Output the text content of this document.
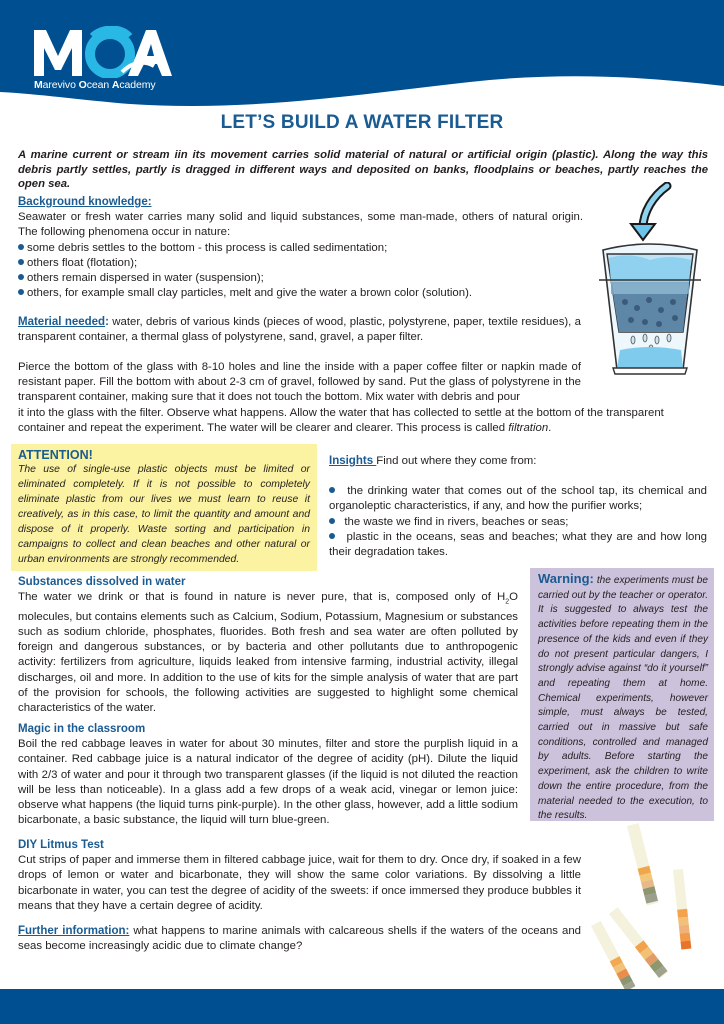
Marevivo Ocean Academy
LET’S BUILD A WATER FILTER

A marine current or stream iin its movement carries solid material of natural or artificial origin (plastic). Along the way this debris partly settles, partly is dragged in different ways and deposited on banks, floodplains or beaches, partly reaches the open sea.

Background knowledge:

Seawater or fresh water carries many solid and liquid substances, some man-made, others of natural origin. The following phenomena occur in nature:

some debris settles to the bottom - this process is called sedimentation;
others float (flotation);
others remain dispersed in water (suspension);
others, for example small clay particles, melt and give the water a brown color (solution).

Material needed: water, debris of various kinds (pieces of wood, plastic, polystyrene, paper, textile residues), a transparent container, a thermal glass of polystyrene, sand, gravel, a paper filter.

Pierce the bottom of the glass with 8-10 holes and line the inside with a paper coffee filter or napkin made of resistant paper. Fill the bottom with about 2-3 cm of gravel, followed by sand. Put the glass of polystyrene in the transparent container, making sure that it does not touch the bottom. Mix water with debris and pour
it into the glass with the filter. Observe what happens. Allow the water that has collected to settle at the bottom of the transparent container and repeat the experiment. The water will be clearer and clearer. This process is called filtration.
ATTENTION!

The use of single-use plastic objects must be limited or eliminated completely. If it is not possible to completely eliminate plastic from our lives we must learn to reuse it creatively, as in this case, to limit the quantity and amount and dispose of it properly. Waste sorting and participation in campaigns to collect and clean beaches and other natural or urban environments are strongly recommended.

Insights Find out where they come from:

the drinking water that comes out of the school tap, its chemical and organoleptic characteristics, if any, and how the purifier works;

the waste we find in rivers, beaches or seas;

plastic in the oceans, seas and beaches; what they are and how long their degradation takes.

Warning: the experiments must be carried out by the teacher or operator. It is suggested to always test the activities before repeating them in the presence of the kids and even if they do not present particular dangers, I strongly advise against “do it yourself” and repeating them at home. Chemical experiments, however simple, must always be tested, carried out in massive but safe conditions, controlled and managed by adults. Before starting the experiment, ask the children to write down the entire procedure, from the material needed to the execution, to the results.

Substances dissolved in water

The water we drink or that is found in nature is never pure, that is, composed only of $H_2O$ molecules, but contains elements such as Calcium, Sodium, Potassium, Magnesium or substances such as sodium chloride, phosphates, fluorides. Both fresh and sea water are often polluted by foreign and dangerous substances, or by bacteria and other pollutants due to anthropogenic activity: fertilizers from agriculture, liquids leaked from intensive farming, industrial activity, illegal discharges, oil and more. In addition to the use of kits for the simple analysis of water that are part of the provision for schools, the following activities are suggested to highlight some chemical characteristics of the water.

Magic in the classroom

Boil the red cabbage leaves in water for about 30 minutes, filter and store the purplish liquid in a container. Red cabbage juice is a natural indicator of the degree of acidity (pH). Dilute the liquid with 2/3 of water and pour it through two transparent glasses (if the liquid is not diluted the reaction will be less than noticeable). In a glass add a few drops of a weak acid, vinegar or lemon juice: observe what happens (the liquid turns pink-purple). In the other glass, however, add a little sodium bicarbonate, a basic substance, the liquid will turn blue-green.

DIY Litmus Test

Cut strips of paper and immerse them in filtered cabbage juice, wait for them to dry. Once dry, if soaked in a few drops of lemon or water and bicarbonate, they will show the same color variations. By dissolving a little bicarbonate in water, you can test the degree of acidity of the sweets: if once immersed they produce bubbles it means that they have a certain degree of acidity.

Further information: what happens to marine animals with calcareous shells if the waters of the oceans and seas become increasingly acidic due to climate change?
